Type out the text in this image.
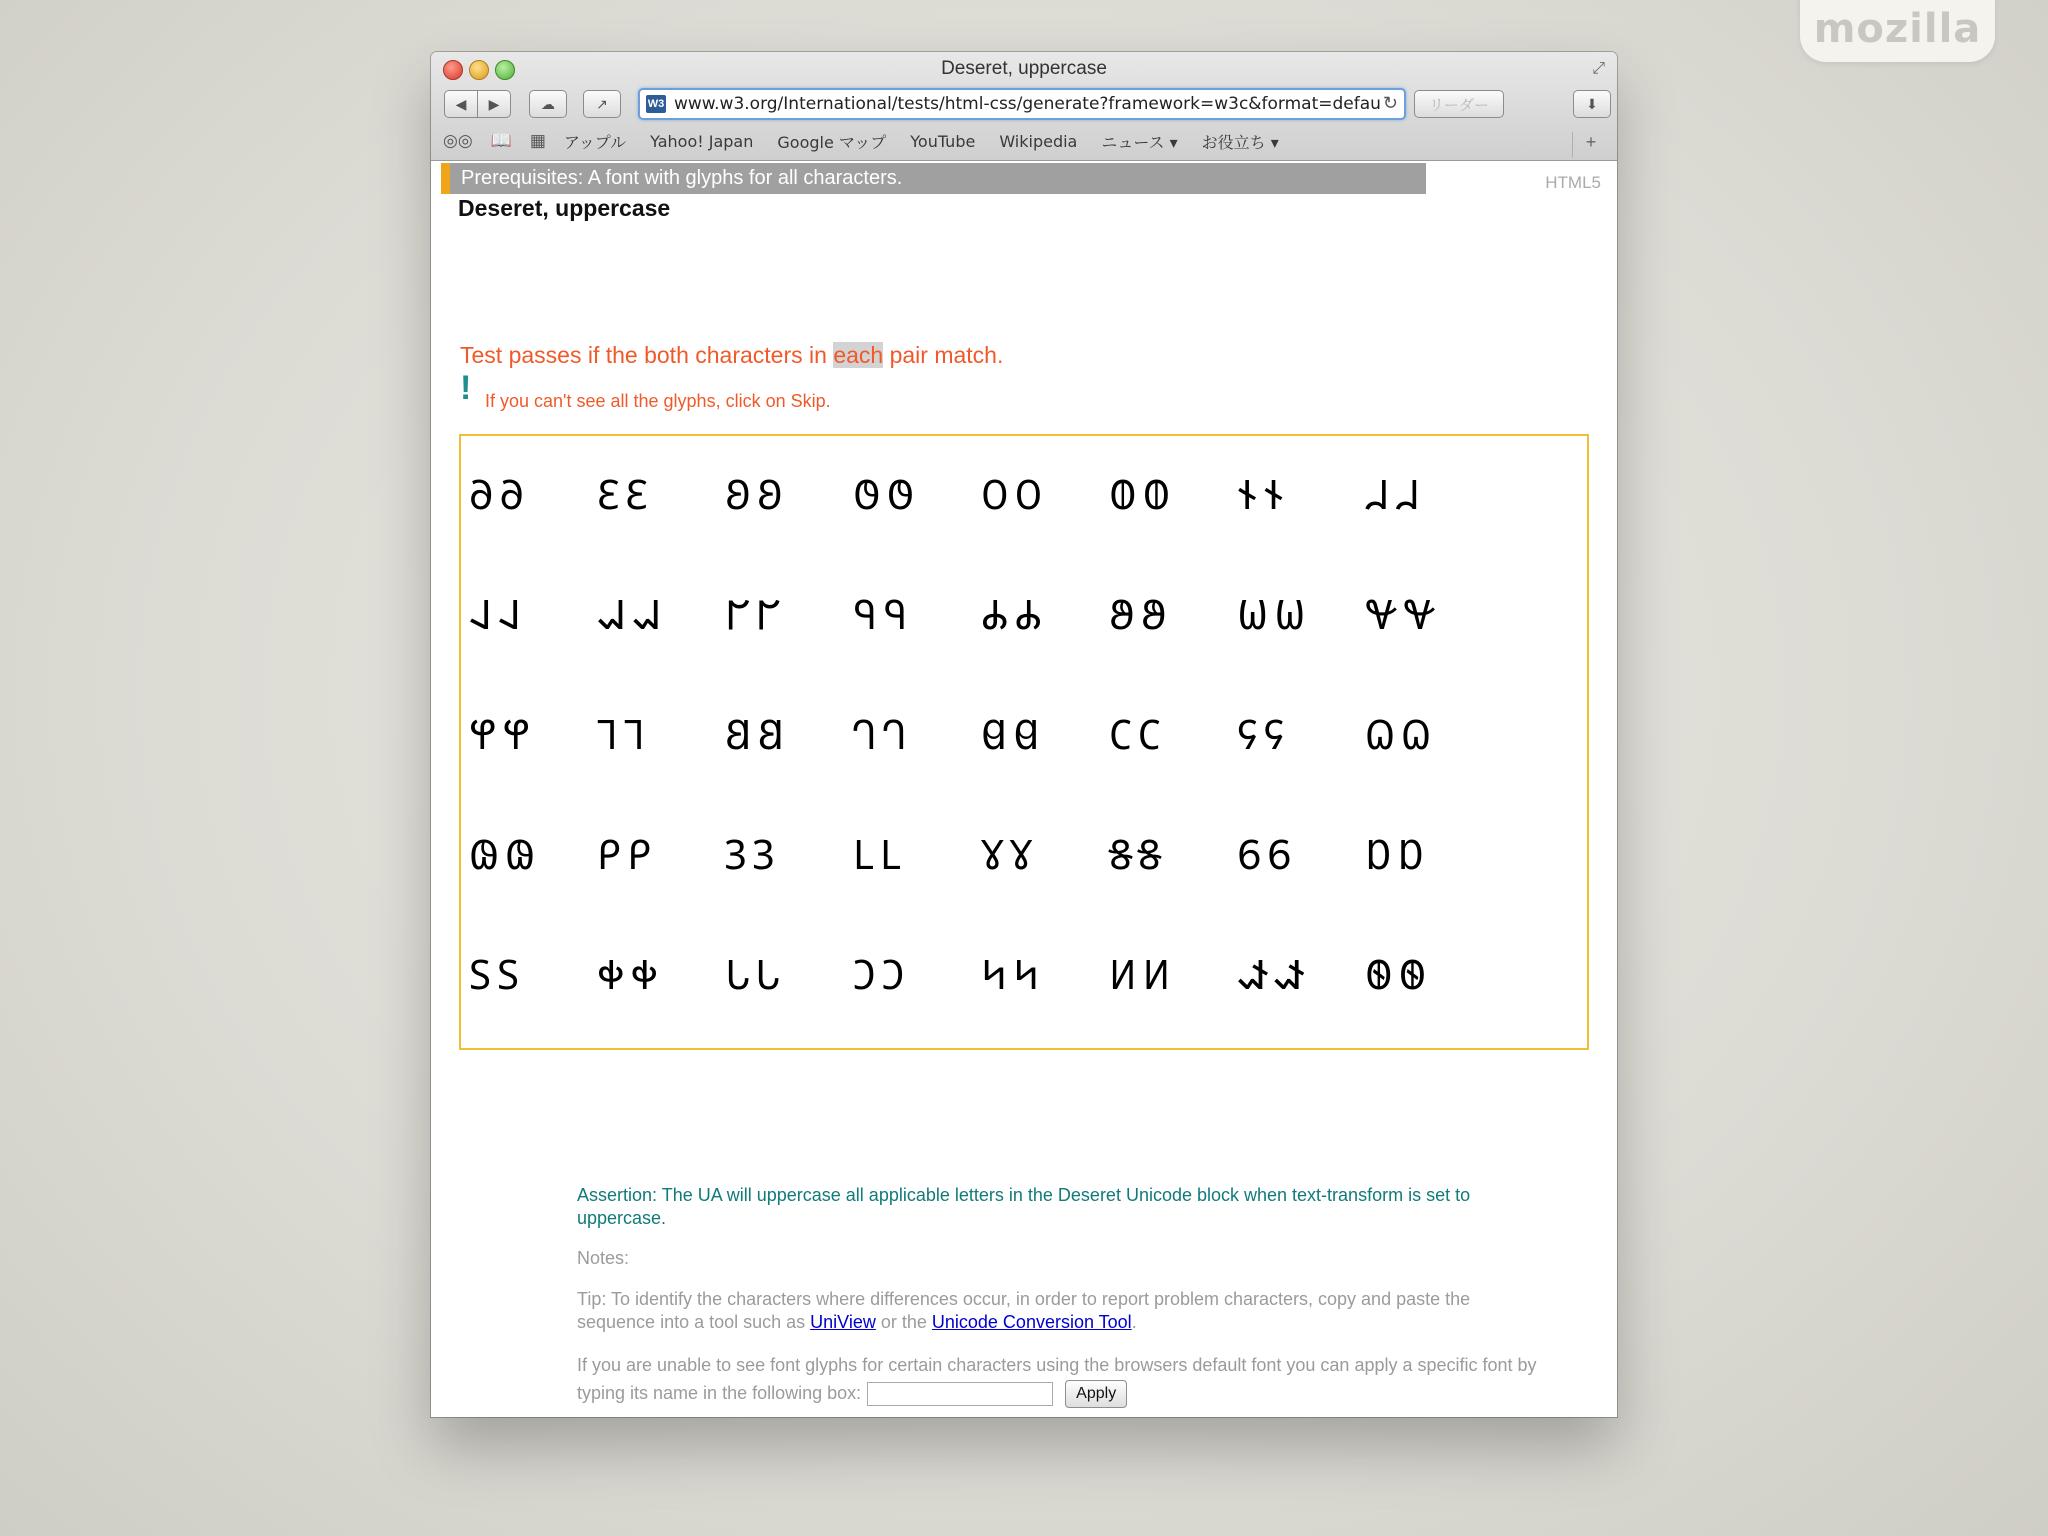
mozilla
Deseret, uppercase	⤢
◀ ▶	☁	↗	W3 www.w3.org/International/tests/html-css/generate?framework=w3c&format=defau ↻	リーダー	⬇
◎◎ 📖 ▦ アップル Yahoo! Japan Google マップ YouTube Wikipedia ニュース ▾ お役立ち ▾	+
Prerequisites: A font with glyphs for all characters.	HTML5
Deseret, uppercase
Test passes if the both characters in each pair match.
! If you can't see all the glyphs, click on Skip.
𐐀𐐀	𐐁𐐁	𐐂𐐂	𐐃𐐃	𐐄𐐄	𐐅𐐅	𐐆𐐆	𐐇𐐇
𐐈𐐈	𐐉𐐉	𐐊𐐊	𐐋𐐋	𐐌𐐌	𐐍𐐍	𐐎𐐎	𐐏𐐏
𐐐𐐐	𐐑𐐑	𐐒𐐒	𐐓𐐓	𐐔𐐔	𐐕𐐕	𐐖𐐖	𐐗𐐗
𐐘𐐘	𐐙𐐙	𐐚𐐚	𐐛𐐛	𐐜𐐜	𐐝𐐝	𐐞𐐞	𐐟𐐟
𐐠𐐠	𐐡𐐡	𐐢𐐢	𐐣𐐣	𐐤𐐤	𐐥𐐥	𐐦𐐦	𐐧𐐧
Assertion: The UA will uppercase all applicable letters in the Deseret Unicode block when text-transform is set to uppercase.
Notes:
Tip: To identify the characters where differences occur, in order to report problem characters, copy and paste the sequence into a tool such as UniView or the Unicode Conversion Tool.
If you are unable to see font glyphs for certain characters using the browsers default font you can apply a specific font by typing its name in the following box:	Apply
